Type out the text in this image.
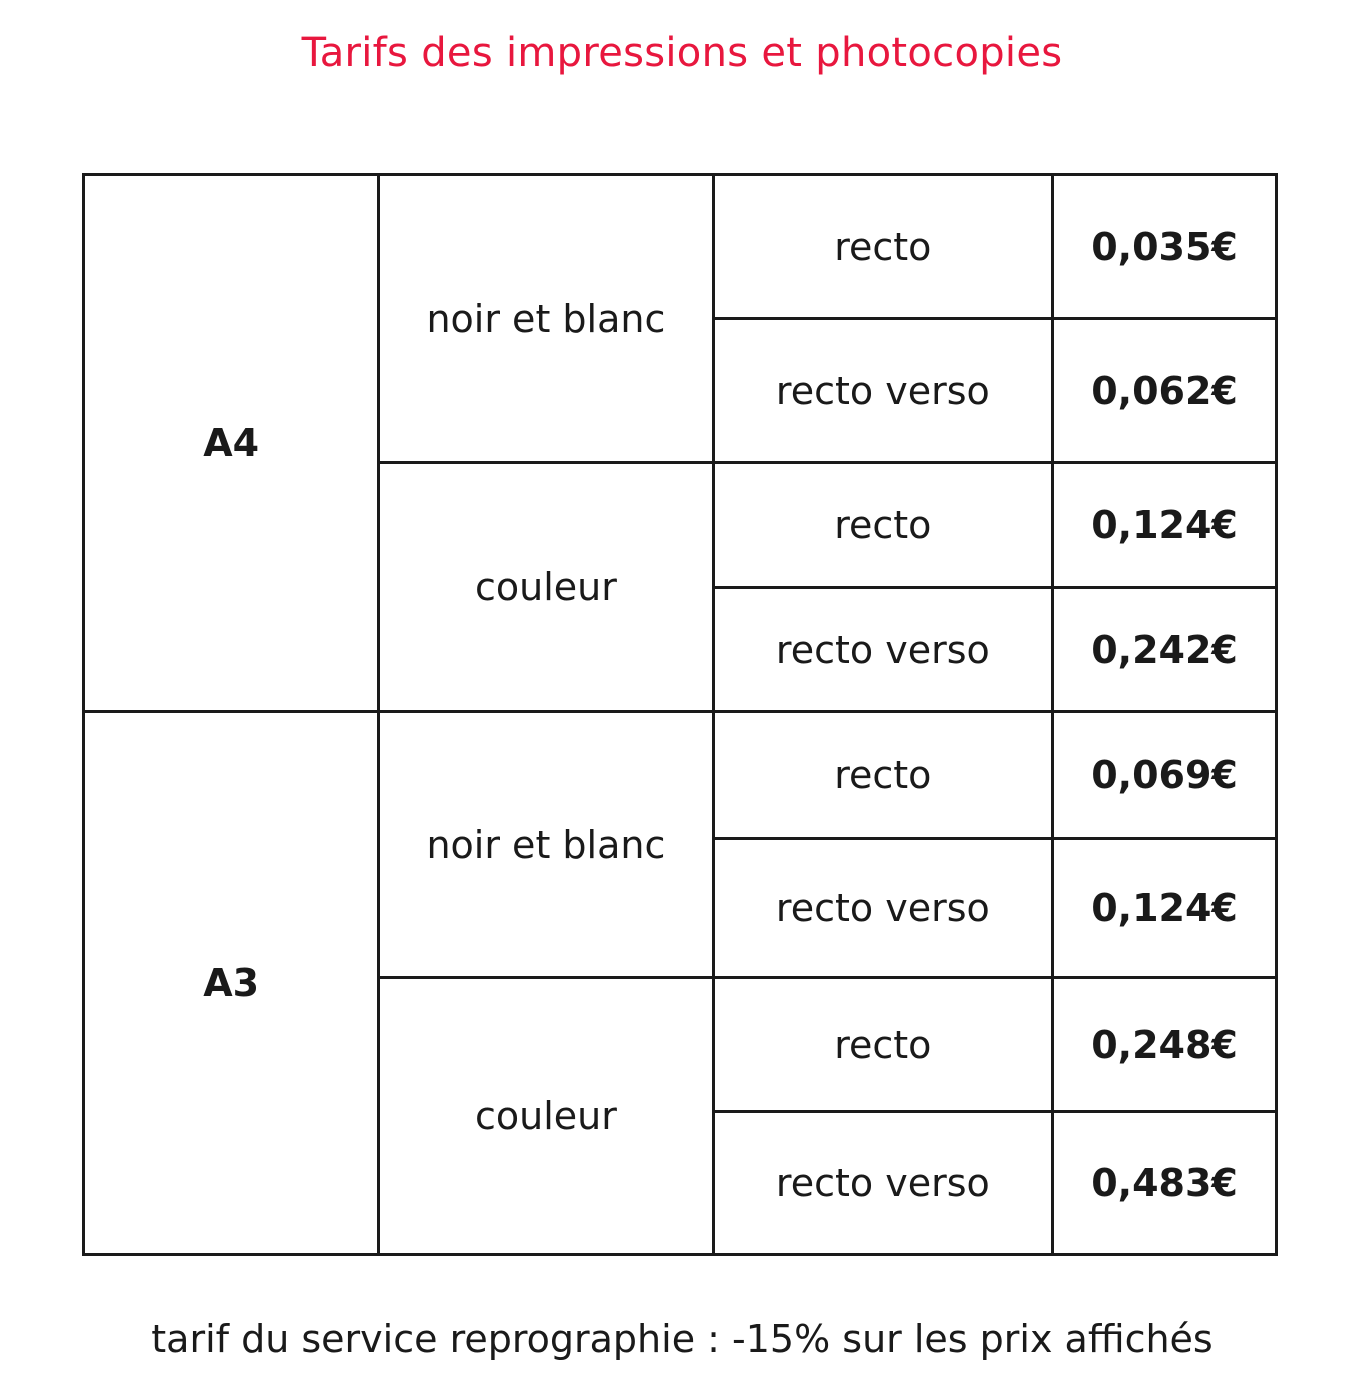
Tarifs des impressions et photocopies
A4	noir et blanc	recto	0,035€
		recto verso	0,062€
	couleur	recto	0,124€
		recto verso	0,242€
A3	noir et blanc	recto	0,069€
		recto verso	0,124€
	couleur	recto	0,248€
		recto verso	0,483€
tarif du service reprographie : -15% sur les prix affichés
